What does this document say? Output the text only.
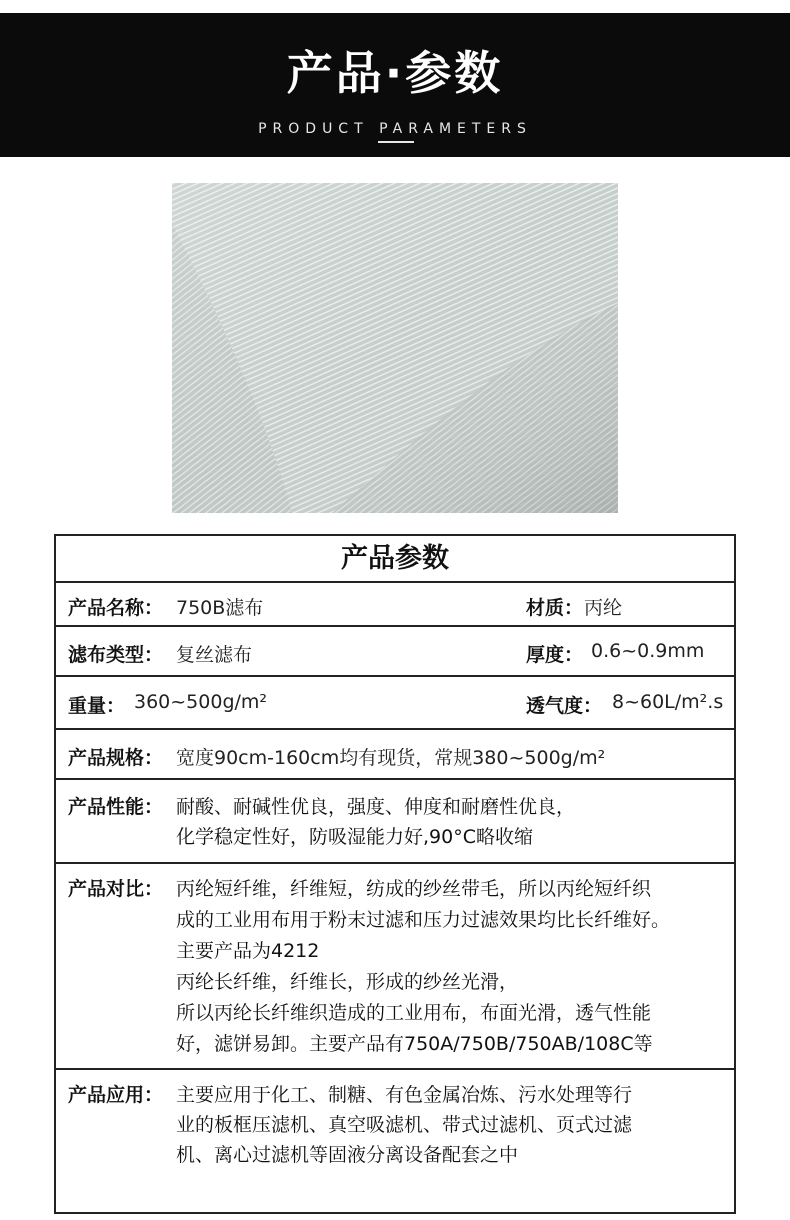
产品·参数
PRODUCT PARAMETERS
产品参数
产品名称： 750B滤布	材质： 丙纶
滤布类型： 复丝滤布	厚度： 0.6~0.9mm
重量： 360~500g/m²	透气度： 8~60L/m².s
产品规格： 宽度90cm-160cm均有现货，常规380~500g/m²
产品性能： 耐酸、耐碱性优良，强度、伸度和耐磨性优良，
化学稳定性好，防吸湿能力好,90°C略收缩
产品对比： 丙纶短纤维，纤维短，纺成的纱丝带毛，所以丙纶短纤织
成的工业用布用于粉末过滤和压力过滤效果均比长纤维好。
主要产品为4212
丙纶长纤维，纤维长，形成的纱丝光滑，
所以丙纶长纤维织造成的工业用布，布面光滑，透气性能
好，滤饼易卸。主要产品有750A/750B/750AB/108C等
产品应用： 主要应用于化工、制糖、有色金属冶炼、污水处理等行
业的板框压滤机、真空吸滤机、带式过滤机、页式过滤
机、离心过滤机等固液分离设备配套之中
